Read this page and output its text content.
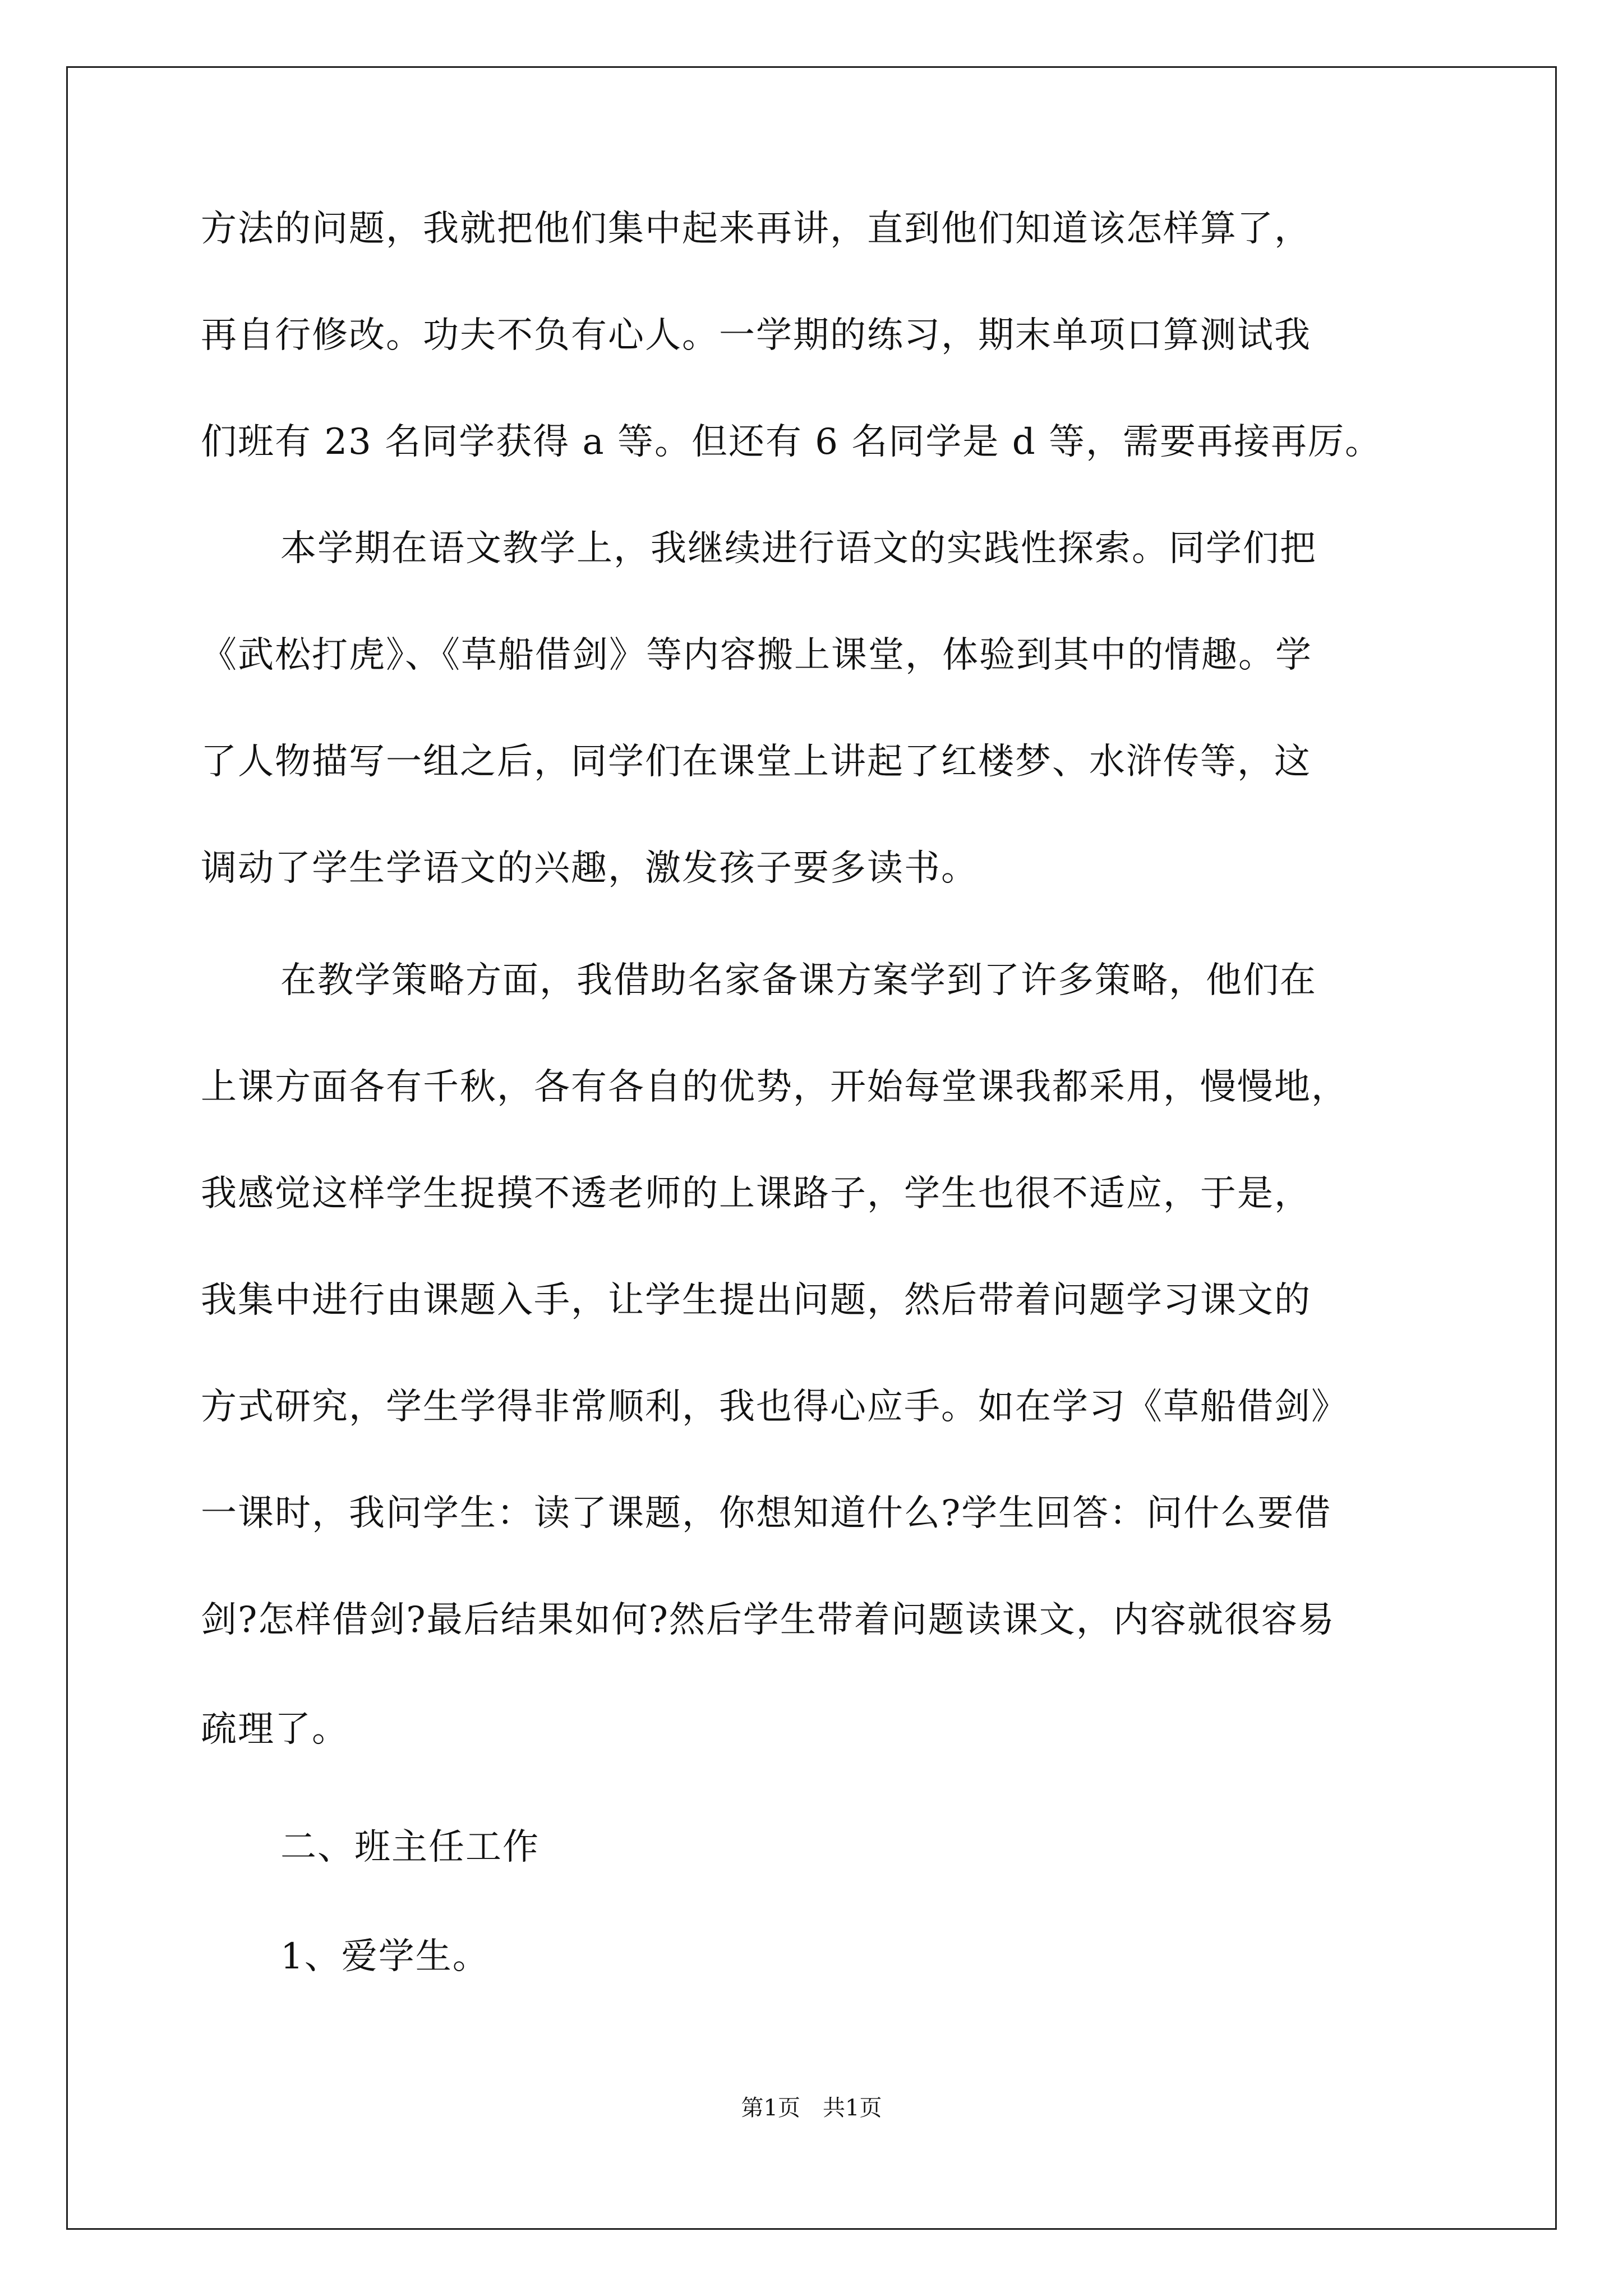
方法的问题，我就把他们集中起来再讲，直到他们知道该怎样算了，
再自行修改。功夫不负有心人。一学期的练习，期末单项口算测试我
们班有 23 名同学获得 a 等。但还有 6 名同学是 d 等，需要再接再厉。
本学期在语文教学上，我继续进行语文的实践性探索。同学们把
《武松打虎》、《草船借剑》等内容搬上课堂，体验到其中的情趣。学
了人物描写一组之后，同学们在课堂上讲起了红楼梦、水浒传等，这
调动了学生学语文的兴趣，激发孩子要多读书。
在教学策略方面，我借助名家备课方案学到了许多策略，他们在
上课方面各有千秋，各有各自的优势，开始每堂课我都采用，慢慢地，
我感觉这样学生捉摸不透老师的上课路子，学生也很不适应，于是，
我集中进行由课题入手，让学生提出问题，然后带着问题学习课文的
方式研究，学生学得非常顺利，我也得心应手。如在学习《草船借剑》
一课时，我问学生：读了课题，你想知道什么?学生回答：问什么要借
剑?怎样借剑?最后结果如何?然后学生带着问题读课文，内容就很容易
疏理了。
二、班主任工作
1、爱学生。
第1页　共1页
